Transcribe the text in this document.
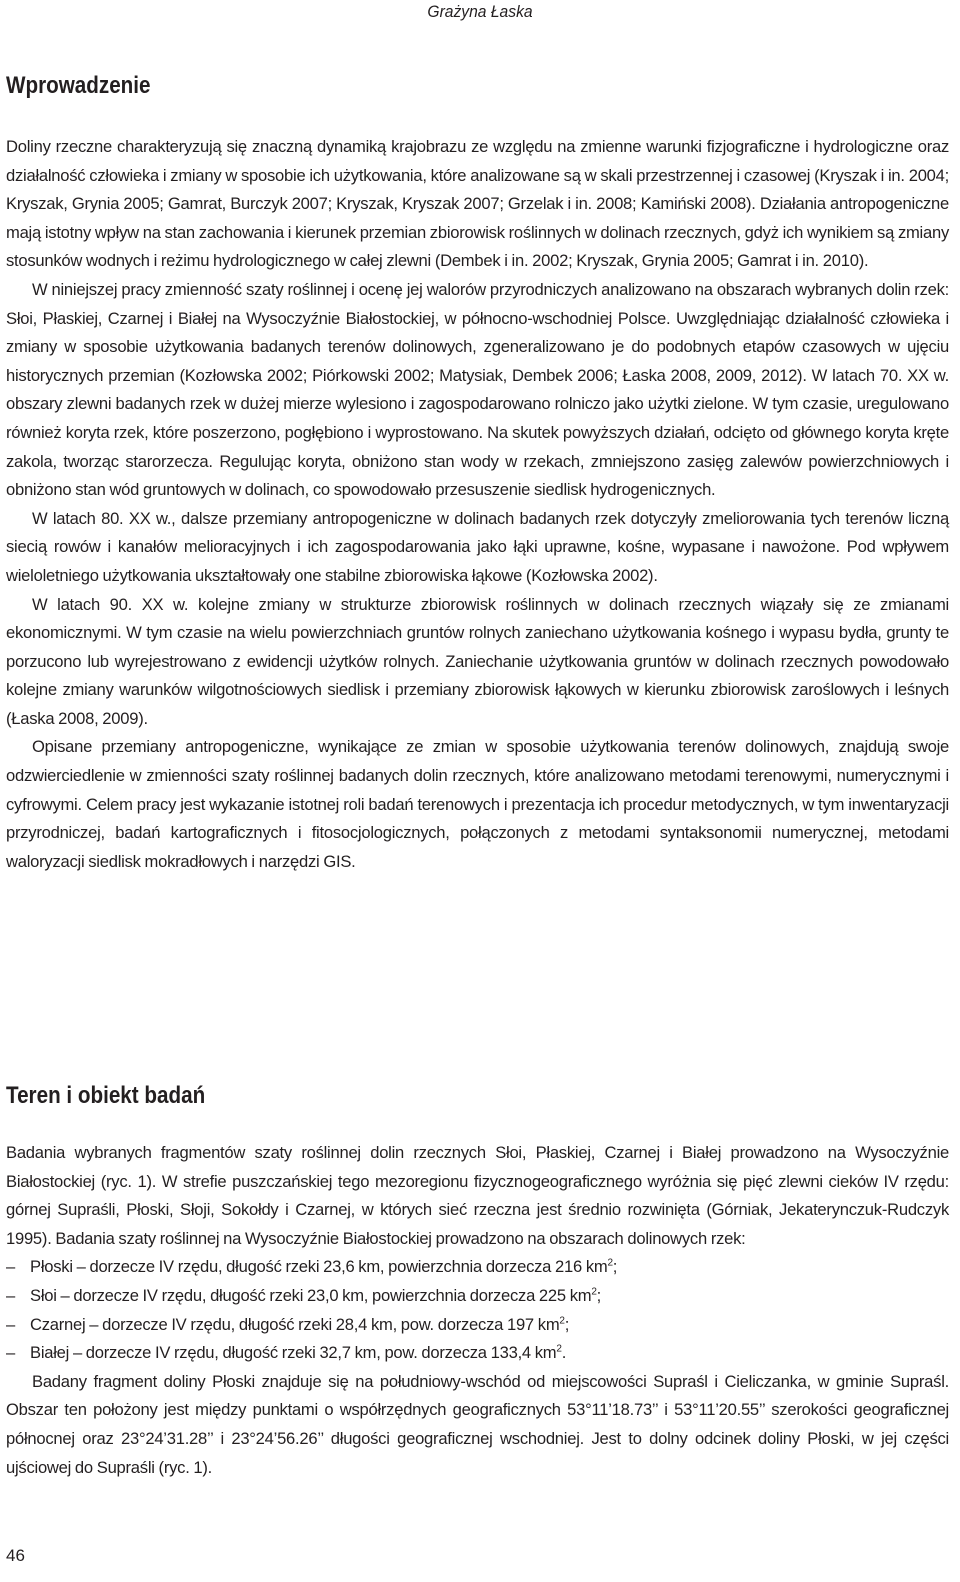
Grażyna Łaska
Wprowadzenie

Doliny rzeczne charakteryzują się znaczną dynamiką krajobrazu ze względu na zmienne warunki fizjograficzne i hydrologiczne oraz działalność człowieka i zmiany w sposobie ich użytkowania, które analizowane są w skali przestrzennej i czasowej (Kryszak i in. 2004; Kryszak, Grynia 2005; Gamrat, Burczyk 2007; Kryszak, Kryszak 2007; Grzelak i in. 2008; Kamiński 2008). Działania antropogeniczne mają istotny wpływ na stan zachowania i kierunek przemian zbiorowisk roślinnych w dolinach rzecznych, gdyż ich wynikiem są zmiany stosunków wodnych i reżimu hydrologicznego w całej zlewni (Dembek i in. 2002; Kryszak, Grynia 2005; Gamrat i in. 2010).

W niniejszej pracy zmienność szaty roślinnej i ocenę jej walorów przyrodniczych analizowano na obszarach wybranych dolin rzek: Słoi, Płaskiej, Czarnej i Białej na Wysoczyźnie Białostockiej, w północno-wschodniej Polsce. Uwzględniając działalność człowieka i zmiany w sposobie użytkowania badanych terenów dolinowych, zgeneralizowano je do podobnych etapów czasowych w ujęciu historycznych przemian (Kozłowska 2002; Piórkowski 2002; Matysiak, Dembek 2006; Łaska 2008, 2009, 2012). W latach 70. XX w. obszary zlewni badanych rzek w dużej mierze wylesiono i zagospodarowano rolniczo jako użytki zielone. W tym czasie, uregulowano również koryta rzek, które poszerzono, pogłębiono i wyprostowano. Na skutek powyższych działań, odcięto od głównego koryta kręte zakola, tworząc starorzecza. Regulując koryta, obniżono stan wody w rzekach, zmniejszono zasięg zalewów powierzchniowych i obniżono stan wód gruntowych w dolinach, co spowodowało przesuszenie siedlisk hydrogenicznych.

W latach 80. XX w., dalsze przemiany antropogeniczne w dolinach badanych rzek dotyczyły zmeliorowania tych terenów liczną siecią rowów i kanałów melioracyjnych i ich zagospodarowania jako łąki uprawne, kośne, wypasane i nawożone. Pod wpływem wieloletniego użytkowania ukształtowały one stabilne zbiorowiska łąkowe (Kozłowska 2002).

W latach 90. XX w. kolejne zmiany w strukturze zbiorowisk roślinnych w dolinach rzecznych wiązały się ze zmianami ekonomicznymi. W tym czasie na wielu powierzchniach gruntów rolnych zaniechano użytkowania kośnego i wypasu bydła, grunty te porzucono lub wyrejestrowano z ewidencji użytków rolnych. Zaniechanie użytkowania gruntów w dolinach rzecznych powodowało kolejne zmiany warunków wilgotnościowych siedlisk i przemiany zbiorowisk łąkowych w kierunku zbiorowisk zaroślowych i leśnych (Łaska 2008, 2009).

Opisane przemiany antropogeniczne, wynikające ze zmian w sposobie użytkowania terenów dolinowych, znajdują swoje odzwierciedlenie w zmienności szaty roślinnej badanych dolin rzecznych, które analizowano metodami terenowymi, numerycznymi i cyfrowymi. Celem pracy jest wykazanie istotnej roli badań terenowych i prezentacja ich procedur metodycznych, w tym inwentaryzacji przyrodniczej, badań kartograficznych i fitosocjologicznych, połączonych z metodami syntaksonomii numerycznej, metodami waloryzacji siedlisk mokradłowych i narzędzi GIS.

Teren i obiekt badań

Badania wybranych fragmentów szaty roślinnej dolin rzecznych Słoi, Płaskiej, Czarnej i Białej prowadzono na Wysoczyźnie Białostockiej (ryc. 1). W strefie puszczańskiej tego mezoregionu fizycznogeograficznego wyróżnia się pięć zlewni cieków IV rzędu: górnej Supraśli, Płoski, Słoji, Sokołdy i Czarnej, w których sieć rzeczna jest średnio rozwinięta (Górniak, Jekaterynczuk-Rudczyk 1995). Badania szaty roślinnej na Wysoczyźnie Białostockiej prowadzono na obszarach dolinowych rzek:

– Płoski – dorzecze IV rzędu, długość rzeki 23,6 km, powierzchnia dorzecza 216 $km^2$;
– Słoi – dorzecze IV rzędu, długość rzeki 23,0 km, powierzchnia dorzecza 225 $km^2$;
– Czarnej – dorzecze IV rzędu, długość rzeki 28,4 km, pow. dorzecza 197 $km^2$;
– Białej – dorzecze IV rzędu, długość rzeki 32,7 km, pow. dorzecza 133,4 $km^2$.

Badany fragment doliny Płoski znajduje się na południowy-wschód od miejscowości Supraśl i Cieliczanka, w gminie Supraśl. Obszar ten położony jest między punktami o współrzędnych geograficznych 53°11’18.73’’ i 53°11’20.55’’ szerokości geograficznej północnej oraz 23°24’31.28’’ i 23°24’56.26’’ długości geograficznej wschodniej. Jest to dolny odcinek doliny Płoski, w jej części ujściowej do Supraśli (ryc. 1).

46
